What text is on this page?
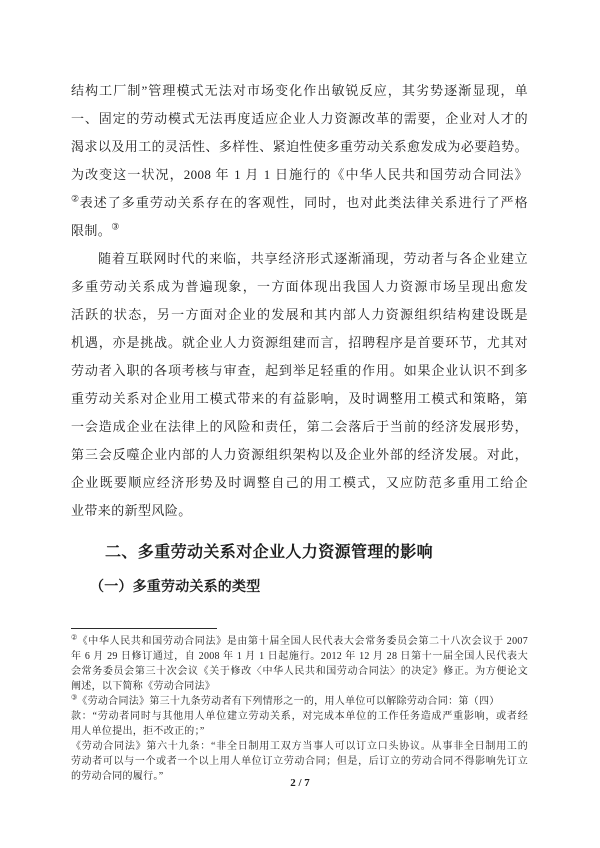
结构工厂制”管理模式无法对市场变化作出敏锐反应，其劣势逐渐显现，单
一、固定的劳动模式无法再度适应企业人力资源改革的需要，企业对人才的
渴求以及用工的灵活性、多样性、紧迫性使多重劳动关系愈发成为必要趋势。
为改变这一状况，2008 年 1 月 1 日施行的《中华人民共和国劳动合同法》
②表述了多重劳动关系存在的客观性，同时，也对此类法律关系进行了严格
限制。③
随着互联网时代的来临，共享经济形式逐渐涌现，劳动者与各企业建立
多重劳动关系成为普遍现象，一方面体现出我国人力资源市场呈现出愈发
活跃的状态，另一方面对企业的发展和其内部人力资源组织结构建设既是
机遇，亦是挑战。就企业人力资源组建而言，招聘程序是首要环节，尤其对
劳动者入职的各项考核与审查，起到举足轻重的作用。如果企业认识不到多
重劳动关系对企业用工模式带来的有益影响，及时调整用工模式和策略，第
一会造成企业在法律上的风险和责任，第二会落后于当前的经济发展形势，
第三会反噬企业内部的人力资源组织架构以及企业外部的经济发展。对此，
企业既要顺应经济形势及时调整自己的用工模式，又应防范多重用工给企
业带来的新型风险。
二、多重劳动关系对企业人力资源管理的影响
（一）多重劳动关系的类型
②《中华人民共和国劳动合同法》是由第十届全国人民代表大会常务委员会第二十八次会议于 2007
年 6 月 29 日修订通过，自 2008 年 1 月 1 日起施行。2012 年 12 月 28 日第十一届全国人民代表大
会常务委员会第三十次会议《关于修改〈中华人民共和国劳动合同法〉的决定》修正。为方便论文
阐述，以下简称《劳动合同法》
③《劳动合同法》第三十九条劳动者有下列情形之一的，用人单位可以解除劳动合同：第（四）
款：“劳动者同时与其他用人单位建立劳动关系，对完成本单位的工作任务造成严重影响，或者经
用人单位提出，拒不改正的；”
《劳动合同法》第六十九条：“非全日制用工双方当事人可以订立口头协议。从事非全日制用工的
劳动者可以与一个或者一个以上用人单位订立劳动合同；但是，后订立的劳动合同不得影响先订立
的劳动合同的履行。”
2 / 7
